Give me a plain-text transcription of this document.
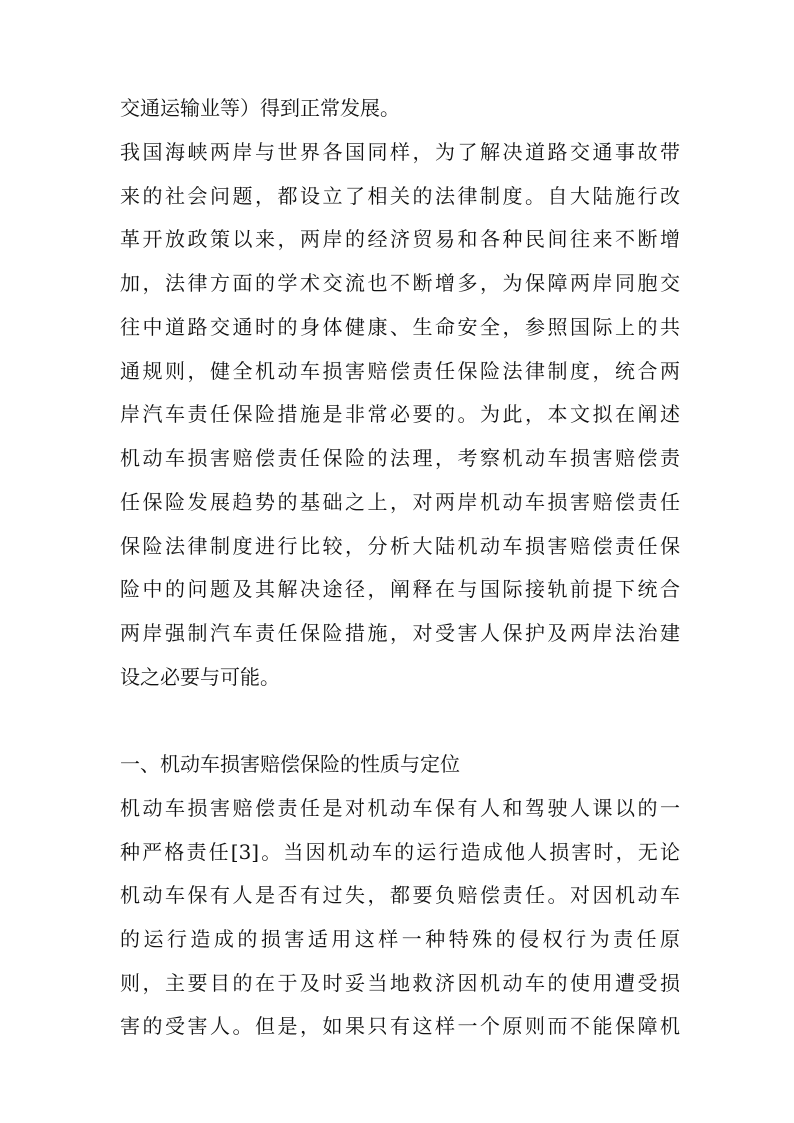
交通运输业等）得到正常发展。
我国海峡两岸与世界各国同样，为了解决道路交通事故带
来的社会问题，都设立了相关的法律制度。自大陆施行改
革开放政策以来，两岸的经济贸易和各种民间往来不断增
加，法律方面的学术交流也不断增多，为保障两岸同胞交
往中道路交通时的身体健康、生命安全，参照国际上的共
通规则，健全机动车损害赔偿责任保险法律制度，统合两
岸汽车责任保险措施是非常必要的。为此，本文拟在阐述
机动车损害赔偿责任保险的法理，考察机动车损害赔偿责
任保险发展趋势的基础之上，对两岸机动车损害赔偿责任
保险法律制度进行比较，分析大陆机动车损害赔偿责任保
险中的问题及其解决途径，阐释在与国际接轨前提下统合
两岸强制汽车责任保险措施，对受害人保护及两岸法治建
设之必要与可能。
一、机动车损害赔偿保险的性质与定位
机动车损害赔偿责任是对机动车保有人和驾驶人课以的一
种严格责任[3]。当因机动车的运行造成他人损害时，无论
机动车保有人是否有过失，都要负赔偿责任。对因机动车
的运行造成的损害适用这样一种特殊的侵权行为责任原
则，主要目的在于及时妥当地救济因机动车的使用遭受损
害的受害人。但是，如果只有这样一个原则而不能保障机
